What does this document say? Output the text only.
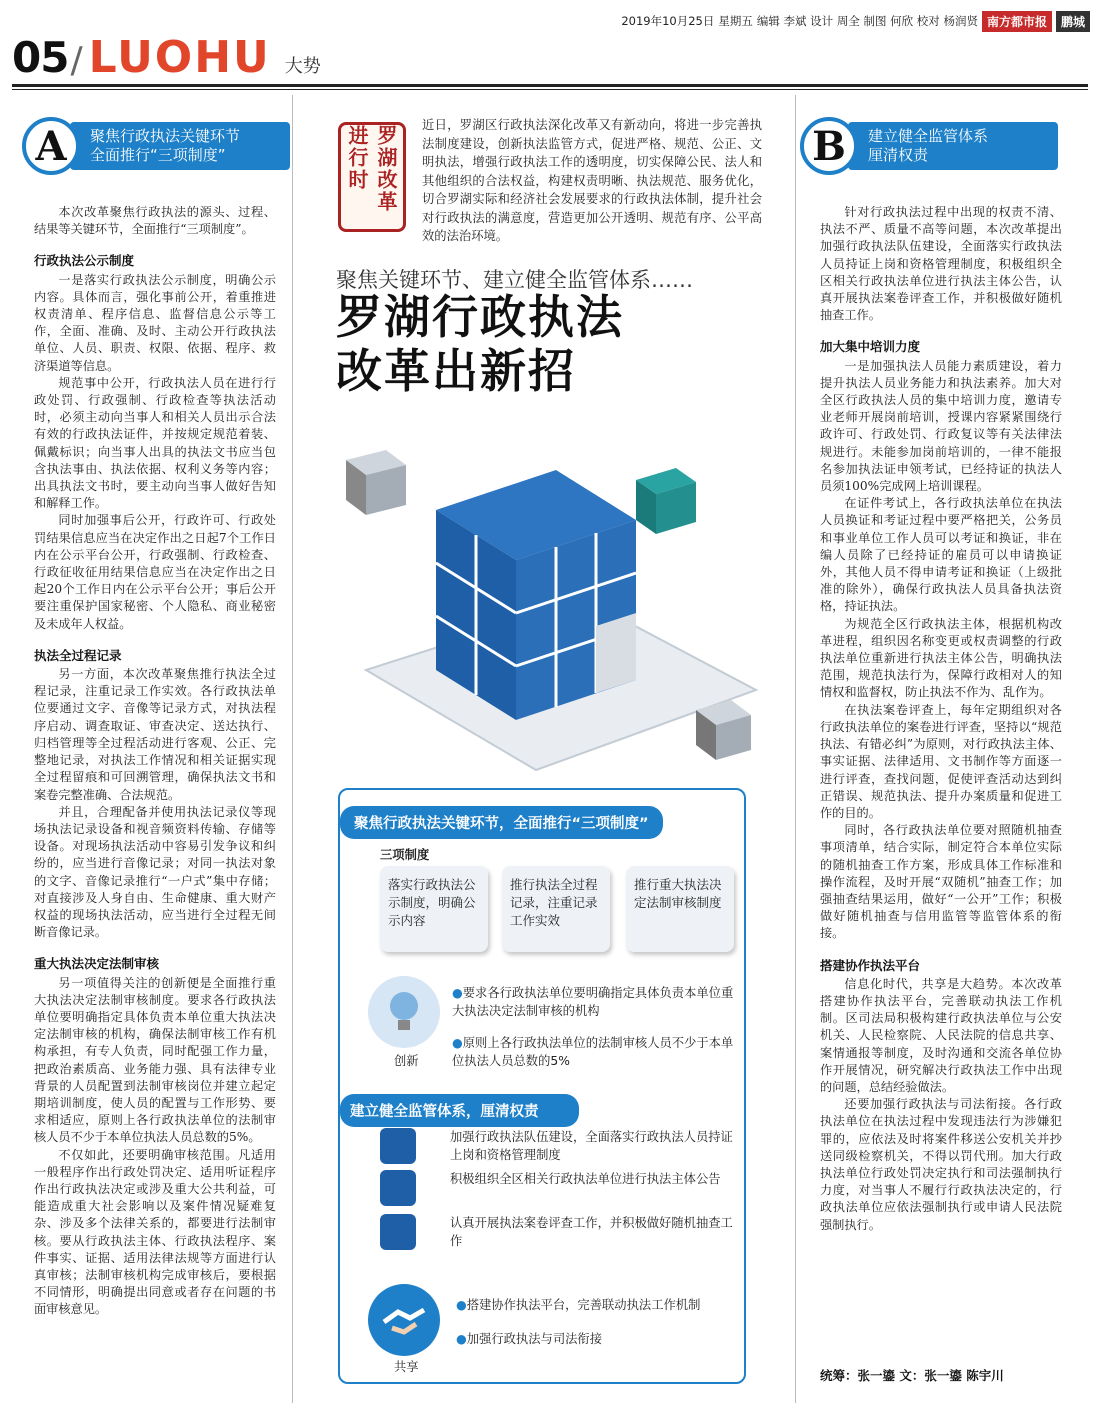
2019年10月25日 星期五 编辑 李斌 设计 周全 制图 何欣 校对 杨润贤 南方都市报	鹏城
05 / LUOHU 大势
A	聚焦行政执法关键环节
全面推行“三项制度”

本次改革聚焦行政执法的源头、过程、结果等关键环节，全面推行“三项制度”。

行政执法公示制度

一是落实行政执法公示制度，明确公示内容。具体而言，强化事前公开，着重推进权责清单、程序信息、监督信息公示等工作，全面、准确、及时、主动公开行政执法单位、人员、职责、权限、依据、程序、救济渠道等信息。

规范事中公开，行政执法人员在进行行政处罚、行政强制、行政检查等执法活动时，必须主动向当事人和相关人员出示合法有效的行政执法证件，并按规定规范着装、佩戴标识；向当事人出具的执法文书应当包含执法事由、执法依据、权利义务等内容；出具执法文书时，要主动向当事人做好告知和解释工作。

同时加强事后公开，行政许可、行政处罚结果信息应当在决定作出之日起7个工作日内在公示平台公开，行政强制、行政检查、行政征收征用结果信息应当在决定作出之日起20个工作日内在公示平台公开；事后公开要注重保护国家秘密、个人隐私、商业秘密及未成年人权益。

执法全过程记录

另一方面，本次改革聚焦推行执法全过程记录，注重记录工作实效。各行政执法单位要通过文字、音像等记录方式，对执法程序启动、调查取证、审查决定、送达执行、归档管理等全过程活动进行客观、公正、完整地记录，对执法工作情况和相关证据实现全过程留痕和可回溯管理，确保执法文书和案卷完整准确、合法规范。

并且，合理配备并使用执法记录仪等现场执法记录设备和视音频资料传输、存储等设备。对现场执法活动中容易引发争议和纠纷的，应当进行音像记录；对同一执法对象的文字、音像记录推行“一户式”集中存储；对直接涉及人身自由、生命健康、重大财产权益的现场执法活动，应当进行全过程无间断音像记录。

重大执法决定法制审核

另一项值得关注的创新便是全面推行重大执法决定法制审核制度。要求各行政执法单位要明确指定具体负责本单位重大执法决定法制审核的机构，确保法制审核工作有机构承担，有专人负责，同时配强工作力量，把政治素质高、业务能力强、具有法律专业背景的人员配置到法制审核岗位并建立起定期培训制度，使人员的配置与工作形势、要求相适应，原则上各行政执法单位的法制审核人员不少于本单位执法人员总数的5%。

不仅如此，还要明确审核范围。凡适用一般程序作出行政处罚决定、适用听证程序作出行政执法决定或涉及重大公共利益，可能造成重大社会影响以及案件情况疑难复杂、涉及多个法律关系的，都要进行法制审核。要从行政执法主体、行政执法程序、案件事实、证据、适用法律法规等方面进行认真审核；法制审核机构完成审核后，要根据不同情形，明确提出同意或者存在问题的书面审核意见。

罗湖改革进行时	近日，罗湖区行政执法深化改革又有新动向，将进一步完善执法制度建设，创新执法监管方式，促进严格、规范、公正、文明执法，增强行政执法工作的透明度，切实保障公民、法人和其他组织的合法权益，构建权责明晰、执法规范、服务优化，切合罗湖实际和经济社会发展要求的行政执法体制，提升社会对行政执法的满意度，营造更加公开透明、规范有序、公平高效的法治环境。
聚焦关键环节、建立健全监管体系……
罗湖行政执法
改革出新招
聚焦行政执法关键环节，全面推行“三项制度”
三项制度
落实行政执法公示制度，明确公示内容
推行执法全过程记录，注重记录工作实效
推行重大执法决定法制审核制度
创新
●要求各行政执法单位要明确指定具体负责本单位重大执法决定法制审核的机构
●原则上各行政执法单位的法制审核人员不少于本单位执法人员总数的5%
建立健全监管体系，厘清权责
加强行政执法队伍建设，全面落实行政执法人员持证上岗和资格管理制度
积极组织全区相关行政执法单位进行执法主体公告
认真开展执法案卷评查工作，并积极做好随机抽查工作
共享
●搭建协作执法平台，完善联动执法工作机制
●加强行政执法与司法衔接
B	建立健全监管体系
厘清权责

针对行政执法过程中出现的权责不清、执法不严、质量不高等问题，本次改革提出加强行政执法队伍建设，全面落实行政执法人员持证上岗和资格管理制度，积极组织全区相关行政执法单位进行执法主体公告，认真开展执法案卷评查工作，并积极做好随机抽查工作。

加大集中培训力度

一是加强执法人员能力素质建设，着力提升执法人员业务能力和执法素养。加大对全区行政执法人员的集中培训力度，邀请专业老师开展岗前培训，授课内容紧紧围绕行政许可、行政处罚、行政复议等有关法律法规进行。未能参加岗前培训的，一律不能报名参加执法证申领考试，已经持证的执法人员须100%完成网上培训课程。

在证件考试上，各行政执法单位在执法人员换证和考证过程中要严格把关，公务员和事业单位工作人员可以考证和换证，非在编人员除了已经持证的雇员可以申请换证外，其他人员不得申请考证和换证（上级批准的除外），确保行政执法人员具备执法资格，持证执法。

为规范全区行政执法主体，根据机构改革进程，组织因名称变更或权责调整的行政执法单位重新进行执法主体公告，明确执法范围，规范执法行为，保障行政相对人的知情权和监督权，防止执法不作为、乱作为。

在执法案卷评查上，每年定期组织对各行政执法单位的案卷进行评查，坚持以“规范执法、有错必纠”为原则，对行政执法主体、事实证据、法律适用、文书制作等方面逐一进行评查，查找问题，促使评查活动达到纠正错误、规范执法、提升办案质量和促进工作的目的。

同时，各行政执法单位要对照随机抽查事项清单，结合实际，制定符合本单位实际的随机抽查工作方案，形成具体工作标准和操作流程，及时开展“双随机”抽查工作；加强抽查结果运用，做好“一公开”工作；积极做好随机抽查与信用监管等监管体系的衔接。

搭建协作执法平台

信息化时代，共享是大趋势。本次改革搭建协作执法平台，完善联动执法工作机制。区司法局积极构建行政执法单位与公安机关、人民检察院、人民法院的信息共享、案情通报等制度，及时沟通和交流各单位协作开展情况，研究解决行政执法工作中出现的问题，总结经验做法。

还要加强行政执法与司法衔接。各行政执法单位在执法过程中发现违法行为涉嫌犯罪的，应依法及时将案件移送公安机关并抄送同级检察机关，不得以罚代刑。加大行政执法单位行政处罚决定执行和司法强制执行力度，对当事人不履行行政执法决定的，行政执法单位应依法强制执行或申请人民法院强制执行。

统筹：张一鎏 文：张一鎏 陈宇川
